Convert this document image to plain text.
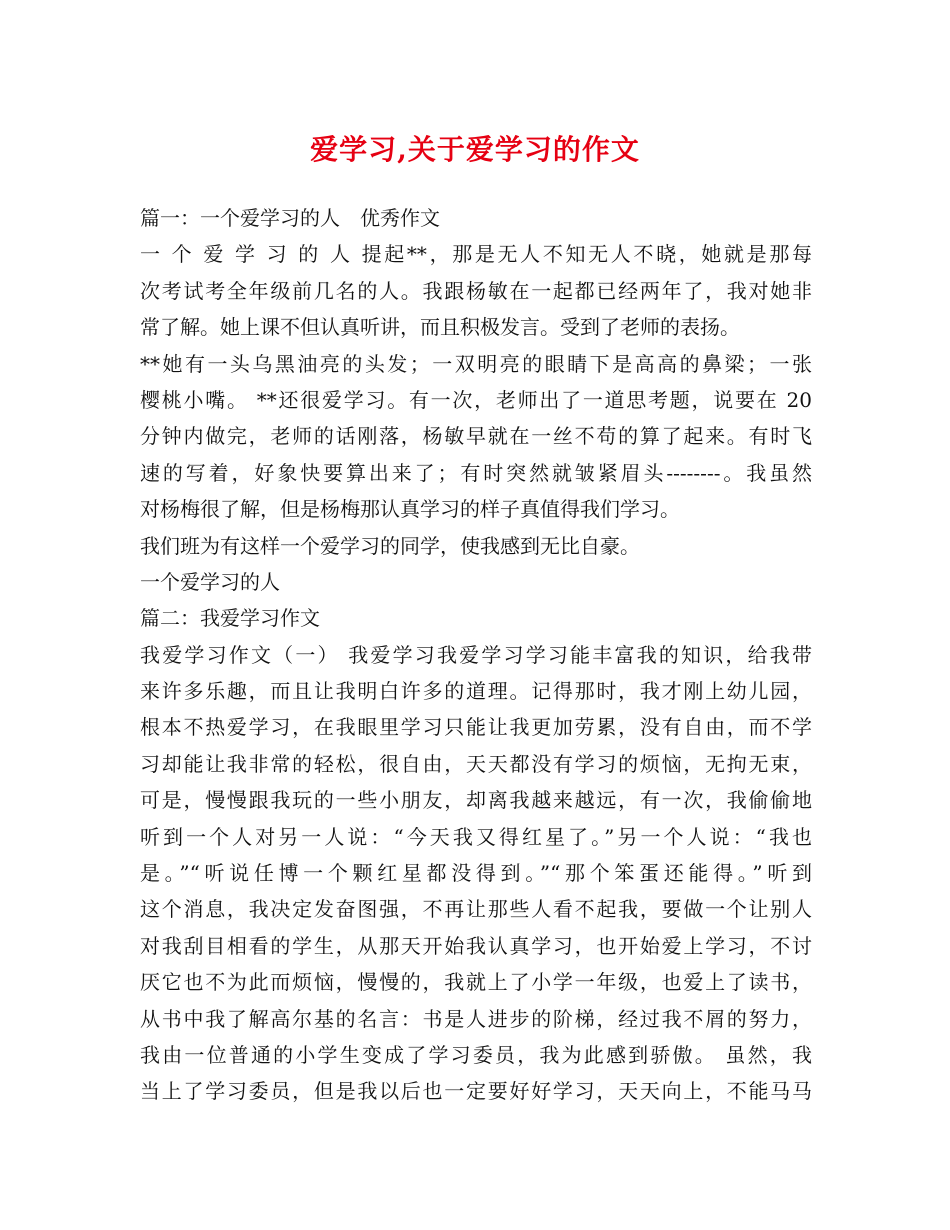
爱学习,关于爱学习的作文
篇一：一个爱学习的人　优秀作文
一 个 爱 学 习 的 人 提起**，那是无人不知无人不晓，她就是那每
次考试考全年级前几名的人。我跟杨敏在一起都已经两年了，我对她非
常了解。她上课不但认真听讲，而且积极发言。受到了老师的表扬。
**她有一头乌黑油亮的头发；一双明亮的眼睛下是高高的鼻梁；一张
樱桃小嘴。 **还很爱学习。有一次，老师出了一道思考题，说要在 20
分钟内做完，老师的话刚落，杨敏早就在一丝不苟的算了起来。有时飞
速的写着，好象快要算出来了；有时突然就皱紧眉头--------。我虽然
对杨梅很了解，但是杨梅那认真学习的样子真值得我们学习。
我们班为有这样一个爱学习的同学，使我感到无比自豪。
一个爱学习的人
篇二：我爱学习作文
我爱学习作文（一） 我爱学习我爱学习学习能丰富我的知识，给我带
来许多乐趣，而且让我明白许多的道理。记得那时，我才刚上幼儿园，
根本不热爱学习，在我眼里学习只能让我更加劳累，没有自由，而不学
习却能让我非常的轻松，很自由，天天都没有学习的烦恼，无拘无束，
可是，慢慢跟我玩的一些小朋友，却离我越来越远，有一次，我偷偷地
听到一个人对另一人说：“今天我又得红星了。”另一个人说：“我也
是。”“听说任博一个颗红星都没得到。”“那个笨蛋还能得。”听到
这个消息，我决定发奋图强，不再让那些人看不起我，要做一个让别人
对我刮目相看的学生，从那天开始我认真学习，也开始爱上学习，不讨
厌它也不为此而烦恼，慢慢的，我就上了小学一年级，也爱上了读书，
从书中我了解高尔基的名言：书是人进步的阶梯，经过我不屑的努力，
我由一位普通的小学生变成了学习委员，我为此感到骄傲。 虽然，我
当上了学习委员，但是我以后也一定要好好学习，天天向上，不能马马
